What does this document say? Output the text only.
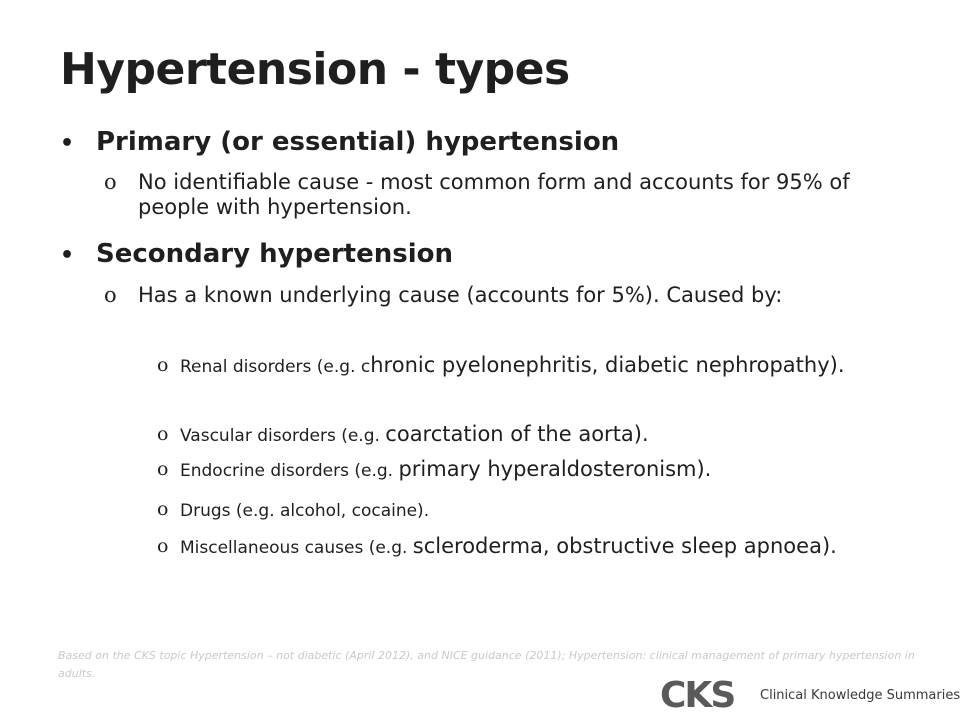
Hypertension - types
• Primary (or essential) hypertension
o	No identifiable cause - most common form and accounts for 95% of people with hypertension.
• Secondary hypertension
o	Has a known underlying cause (accounts for 5%). Caused by:
o Renal disorders (e.g. chronic pyelonephritis, diabetic nephropathy).
o Vascular disorders (e.g. coarctation of the aorta).
o Endocrine disorders (e.g. primary hyperaldosteronism).
o Drugs (e.g. alcohol, cocaine).
o Miscellaneous causes (e.g. scleroderma, obstructive sleep apnoea).
Based on the CKS topic Hypertension – not diabetic (April 2012), and NICE guidance (2011); Hypertension: clinical management of primary hypertension in adults.
CKS Clinical Knowledge Summaries
